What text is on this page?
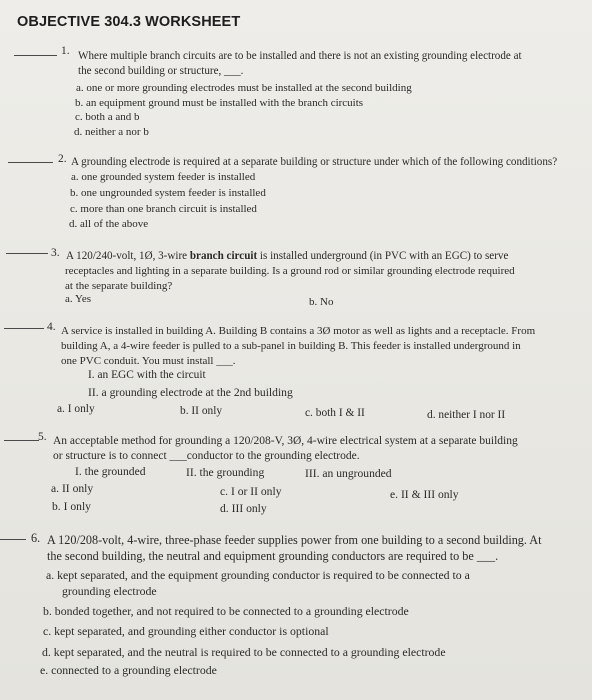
OBJECTIVE 304.3 WORKSHEET
1. Where multiple branch circuits are to be installed and there is not an existing grounding electrode at
the second building or structure, ___.
a. one or more grounding electrodes must be installed at the second building
b. an equipment ground must be installed with the branch circuits
c. both a and b
d. neither a nor b
2. A grounding electrode is required at a separate building or structure under which of the following conditions?
a. one grounded system feeder is installed
b. one ungrounded system feeder is installed
c. more than one branch circuit is installed
d. all of the above
3. A 120/240-volt, 1Ø, 3-wire branch circuit is installed underground (in PVC with an EGC) to serve
receptacles and lighting in a separate building. Is a ground rod or similar grounding electrode required
at the separate building?
a. Yes	b. No
4. A service is installed in building A. Building B contains a 3Ø motor as well as lights and a receptacle. From
building A, a 4-wire feeder is pulled to a sub-panel in building B. This feeder is installed underground in
one PVC conduit. You must install ___.
I. an EGC with the circuit
II. a grounding electrode at the 2nd building
a. I only	b. II only	c. both I & II	d. neither I nor II
5. An acceptable method for grounding a 120/208-V, 3Ø, 4-wire electrical system at a separate building
or structure is to connect ___conductor to the grounding electrode.
I. the grounded	II. the grounding	III. an ungrounded
a. II only
b. I only
c. I or II only
d. III only
e. II & III only
6. A 120/208-volt, 4-wire, three-phase feeder supplies power from one building to a second building. At
the second building, the neutral and equipment grounding conductors are required to be ___.
a. kept separated, and the equipment grounding conductor is required to be connected to a
grounding electrode
b. bonded together, and not required to be connected to a grounding electrode
c. kept separated, and grounding either conductor is optional
d. kept separated, and the neutral is required to be connected to a grounding electrode
e. connected to a grounding electrode
